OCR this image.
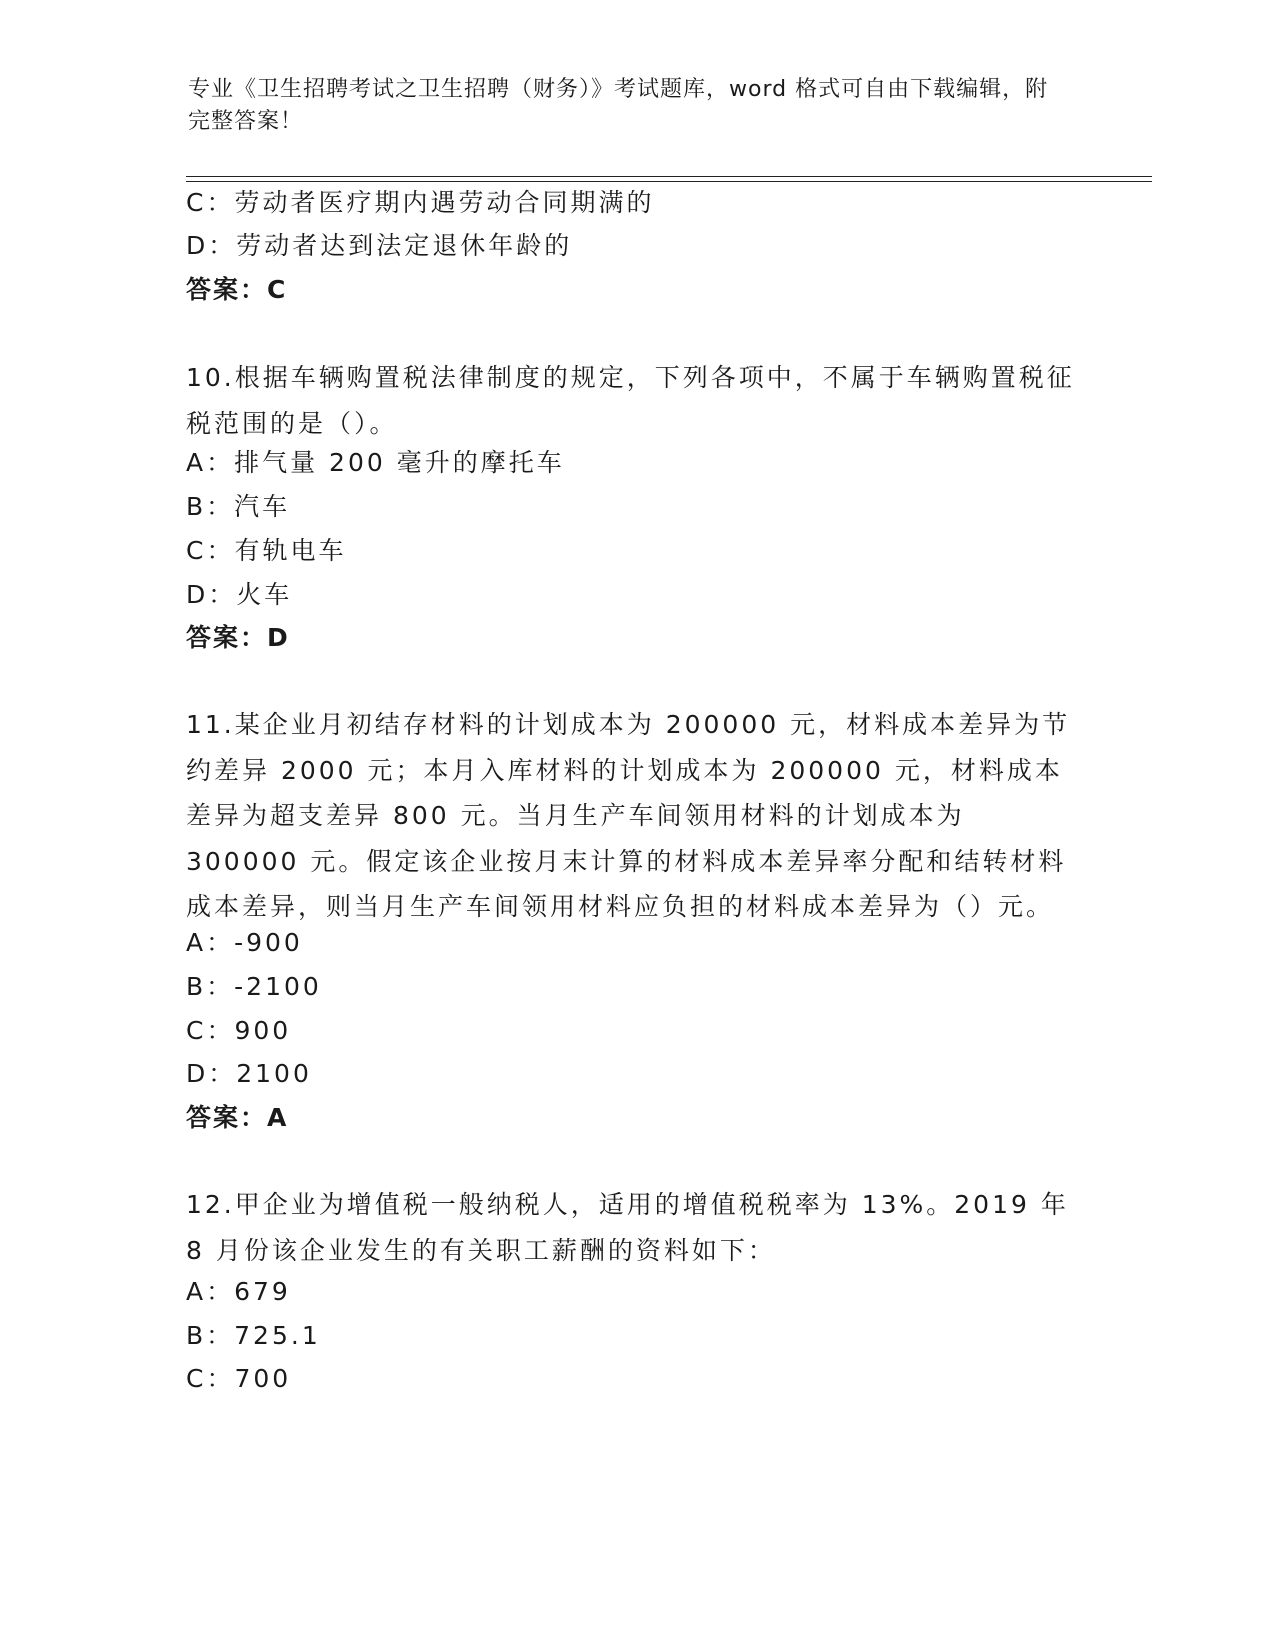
专业《卫生招聘考试之卫生招聘（财务）》考试题库，word 格式可自由下载编辑，附完整答案！
C：劳动者医疗期内遇劳动合同期满的
D：劳动者达到法定退休年龄的
答案：C
10.根据车辆购置税法律制度的规定，下列各项中，不属于车辆购置税征税范围的是（）。
A：排气量 200 毫升的摩托车
B：汽车
C：有轨电车
D：火车
答案：D
11.某企业月初结存材料的计划成本为 200000 元，材料成本差异为节约差异 2000 元；本月入库材料的计划成本为 200000 元，材料成本差异为超支差异 800 元。当月生产车间领用材料的计划成本为 300000 元。假定该企业按月末计算的材料成本差异率分配和结转材料成本差异，则当月生产车间领用材料应负担的材料成本差异为（）元。
A：-900
B：-2100
C：900
D：2100
答案：A
12.甲企业为增值税一般纳税人，适用的增值税税率为 13%。2019 年 8 月份该企业发生的有关职工薪酬的资料如下：
A：679
B：725.1
C：700
